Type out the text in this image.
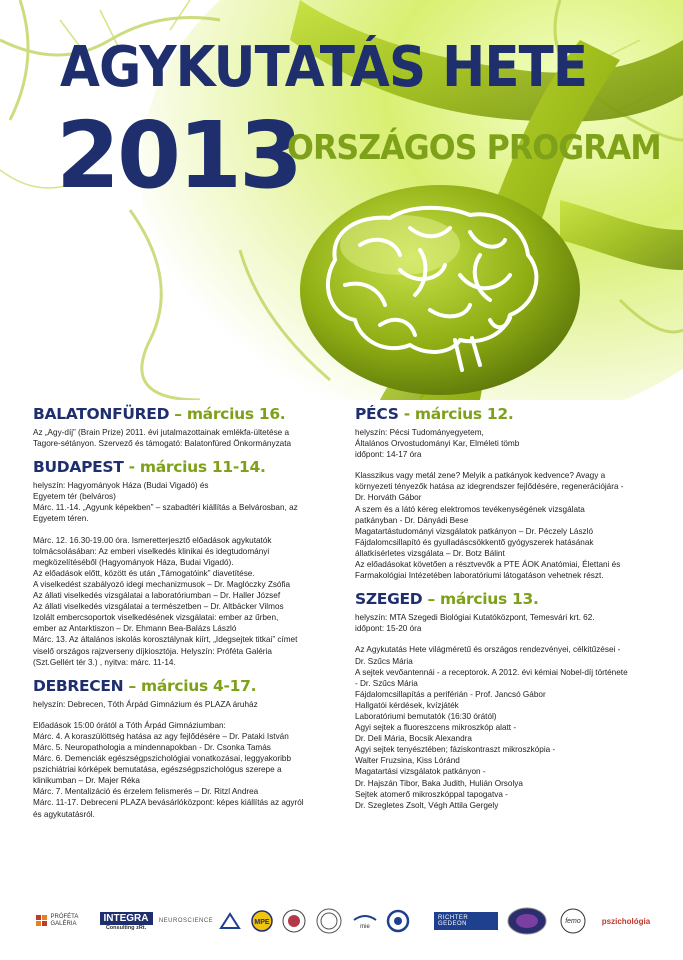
AGYKUTATÁS HETE
2013
ORSZÁGOS PROGRAM
BALATONFÜRED – március 16.
Az „Agy-díj” (Brain Prize) 2011. évi jutalmazottainak emlékfa-ültetése a
Tagore-sétányon. Szervező és támogató: Balatonfüred Önkormányzata
BUDAPEST - március 11-14.
helyszín: Hagyományok Háza (Budai Vigadó) és
Egyetem tér (belváros)
Márc. 11.-14. „Agyunk képekben” – szabadtéri kiállítás a Belvárosban, az
Egyetem téren.
Márc. 12. 16.30-19.00 óra. Ismeretterjesztő előadások agykutatók
tolmácsolásában: Az emberi viselkedés klinikai és idegtudományi
megközelítéséből (Hagyományok Háza, Budai Vigadó).
Az előadások előtt, között és után „Támogatóink” diavetítése.
A viselkedést szabályozó idegi mechanizmusok – Dr. Maglóczky Zsófia
Az állati viselkedés vizsgálatai a laboratóriumban – Dr. Haller József
Az állati viselkedés vizsgálatai a természetben – Dr. Altbäcker Vilmos
Izolált embercsoportok viselkedésének vizsgálatai: ember az űrben,
ember az Antarktiszon – Dr. Ehmann Bea-Balázs László
Márc. 13. Az általános iskolás korosztálynak kiírt, „Idegsejtek titkai” címet
viselő országos rajzverseny díjkiosztója. Helyszín: Próféta Galéria
(Szt.Gellért tér 3.) , nyitva: márc. 11-14.
DEBRECEN – március 4-17.
helyszín: Debrecen, Tóth Árpád Gimnázium és PLAZA áruház
Előadások 15:00 órától a Tóth Árpád Gimnáziumban:
Márc. 4. A koraszülöttség hatása az agy fejlődésére – Dr. Pataki István
Márc. 5. Neuropathologia a mindennapokban - Dr. Csonka Tamás
Márc. 6. Demenciák egészségpszichológiai vonatkozásai, leggyakoribb
pszichiátriai kórképek bemutatása, egészségpszichológus szerepe a
klinikumban – Dr. Majer Réka
Márc. 7. Mentalizáció és érzelem felismerés – Dr. Ritzl Andrea
Márc. 11-17. Debreceni PLAZA bevásárlóközpont: képes kiállítás az agyról
és agykutatásról.
PÉCS - március 12.
helyszín: Pécsi Tudományegyetem,
Általános Orvostudományi Kar, Elméleti tömb
időpont: 14-17 óra
Klasszikus vagy metál zene? Melyik a patkányok kedvence? Avagy a
környezeti tényezők hatása az idegrendszer fejlődésére, regenerációjára -
Dr. Horváth Gábor
A szem és a látó kéreg elektromos tevékenységének vizsgálata
patkányban - Dr. Dányádi Bese
Magatartástudományi vizsgálatok patkányon – Dr. Péczely László
Fájdalomcsillapító és gyulladáscsökkentő gyógyszerek hatásának
állatkísérletes vizsgálata – Dr. Botz Bálint
Az előadásokat követően a résztvevők a PTE ÁOK Anatómiai, Élettani és
Farmakológiai Intézetében laboratóriumi látogatáson vehetnek részt.
SZEGED – március 13.
helyszín: MTA Szegedi Biológiai Kutatóközpont, Temesvári krt. 62.
időpont: 15-20 óra
Az Agykutatás Hete világméretű és országos rendezvényei, célkitűzései -
Dr. Szűcs Mária
A sejtek vevőantennái - a receptorok. A 2012. évi kémiai Nobel-díj története
- Dr. Szűcs Mária
Fájdalomcsillapítás a periférián - Prof. Jancsó Gábor
Hallgatói kérdések, kvízjáték
Laboratóriumi bemutatók (16:30 órától)
Agyi sejtek a fluoreszcens mikroszkóp alatt -
Dr. Deli Mária, Bocsik Alexandra
Agyi sejtek tenyésztében; fáziskontraszt mikroszkópia -
Walter Fruzsina, Kiss Lóránd
Magatartási vizsgálatok patkányon -
Dr. Hajszán Tibor, Baka Judith, Hulián Orsolya
Sejtek atomerő mikroszkóppal tapogatva -
Dr. Szegletes Zsolt, Végh Attila Gergely
PRÓFÉTA GALÉRIA
INTEGRA
Consulting zRt.
NEUROSCIENCE	MPE
mie
RICHTER GEDEON	femo	pszichológia
